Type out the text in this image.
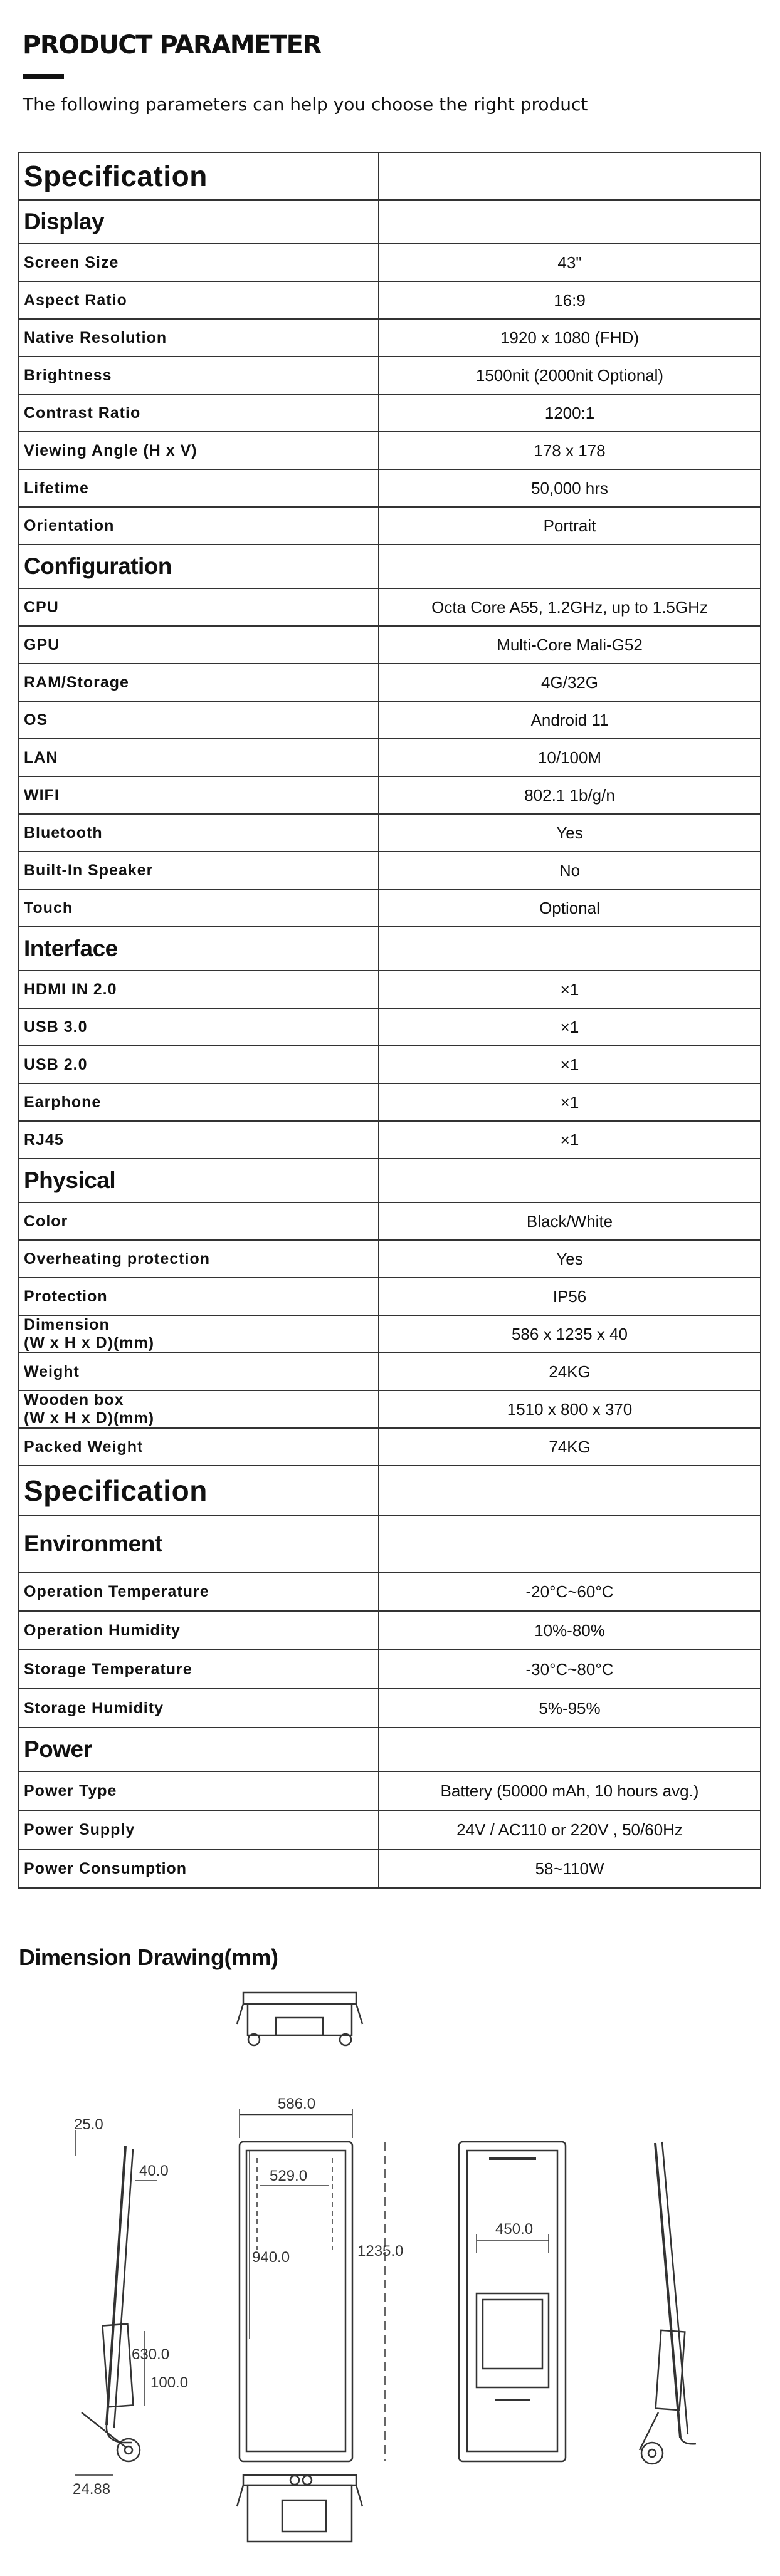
PRODUCT PARAMETER
The following parameters can help you choose the right product
Specification	
Display	
Screen Size	43"
Aspect Ratio	16:9
Native Resolution	1920 x 1080 (FHD)
Brightness	1500nit (2000nit Optional)
Contrast Ratio	1200:1
Viewing Angle (H x V)	178 x 178
Lifetime	50,000 hrs
Orientation	Portrait
Configuration	
CPU	Octa Core A55, 1.2GHz, up to 1.5GHz
GPU	Multi-Core Mali-G52
RAM/Storage	4G/32G
OS	Android 11
LAN	10/100M
WIFI	802.1 1b/g/n
Bluetooth	Yes
Built-In Speaker	No
Touch	Optional
Interface	
HDMI IN 2.0	×1
USB 3.0	×1
USB 2.0	×1
Earphone	×1
RJ45	×1
Physical	
Color	Black/White
Overheating protection	Yes
Protection	IP56

Dimension
(W x H x D)(mm)	586 x 1235 x 40
Weight	24KG

Wooden box
(W x H x D)(mm)	1510 x 800 x 370
Packed Weight	74KG
Specification	
Environment	
Operation Temperature	-20°C~60°C
Operation Humidity	10%-80%
Storage Temperature	-30°C~80°C
Storage Humidity	5%-95%
Power	
Power Type	Battery (50000 mAh, 10 hours avg.)
Power Supply	24V / AC110 or 220V , 50/60Hz
Power Consumption	58~110W
Dimension Drawing(mm)
586.0
529.0
940.0	1235.0
450.0
25.0
40.0
630.0
100.0
24.88
